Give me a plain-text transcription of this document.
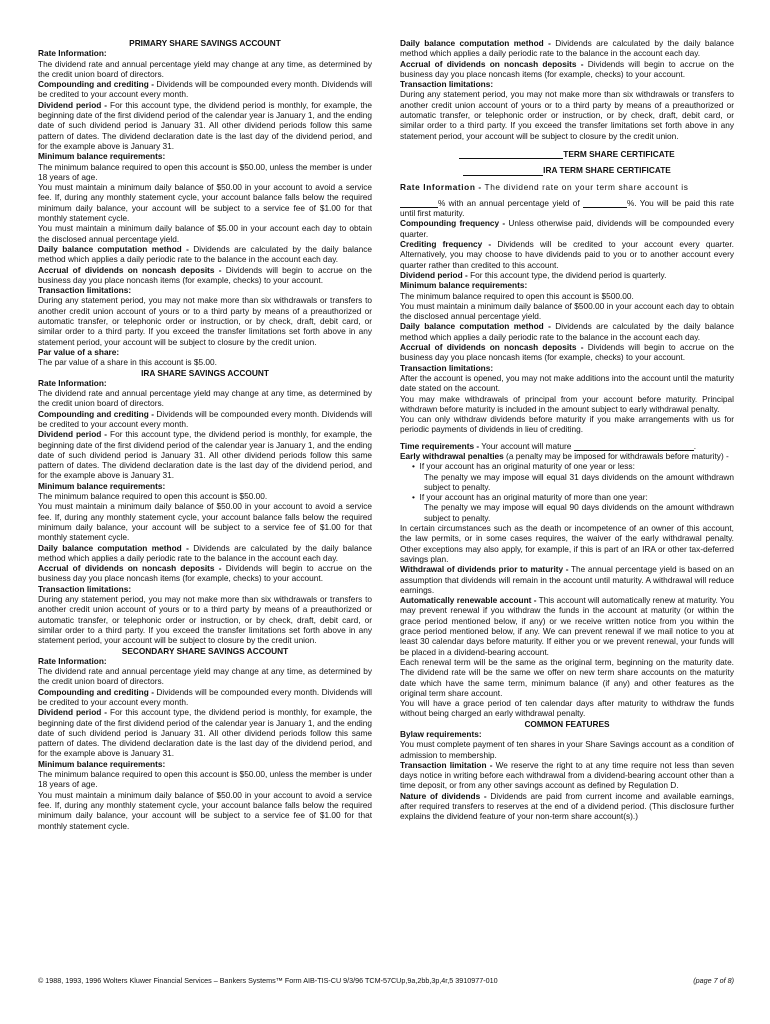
PRIMARY SHARE SAVINGS ACCOUNT

Rate Information:

The dividend rate and annual percentage yield may change at any time, as determined by the credit union board of directors.

Compounding and crediting - Dividends will be compounded every month. Dividends will be credited to your account every month.

Dividend period - For this account type, the dividend period is monthly, for example, the beginning date of the first dividend period of the calendar year is January 1, and the ending date of such dividend period is January 31. All other dividend periods follow this same pattern of dates. The dividend declaration date is the last day of the dividend period, and for the example above is January 31.

Minimum balance requirements:

The minimum balance required to open this account is $50.00, unless the member is under 18 years of age.

You must maintain a minimum daily balance of $50.00 in your account to avoid a service fee. If, during any monthly statement cycle, your account balance falls below the required minimum daily balance, your account will be subject to a service fee of $1.00 for that monthly statement cycle.

You must maintain a minimum daily balance of $5.00 in your account each day to obtain the disclosed annual percentage yield.

Daily balance computation method - Dividends are calculated by the daily balance method which applies a daily periodic rate to the balance in the account each day.

Accrual of dividends on noncash deposits - Dividends will begin to accrue on the business day you place noncash items (for example, checks) to your account.

Transaction limitations:

During any statement period, you may not make more than six withdrawals or transfers to another credit union account of yours or to a third party by means of a preauthorized or automatic transfer, or telephonic order or instruction, or by check, draft, debit card, or similar order to a third party. If you exceed the transfer limitations set forth above in any statement period, your account will be subject to closure by the credit union.

Par value of a share:

The par value of a share in this account is $5.00.

IRA SHARE SAVINGS ACCOUNT

Rate Information:

The dividend rate and annual percentage yield may change at any time, as determined by the credit union board of directors.

Compounding and crediting - Dividends will be compounded every month. Dividends will be credited to your account every month.

Dividend period - For this account type, the dividend period is monthly, for example, the beginning date of the first dividend period of the calendar year is January 1, and the ending date of such dividend period is January 31. All other dividend periods follow this same pattern of dates. The dividend declaration date is the last day of the dividend period, and for the example above is January 31.

Minimum balance requirements:

The minimum balance required to open this account is $50.00.

You must maintain a minimum daily balance of $50.00 in your account to avoid a service fee. If, during any monthly statement cycle, your account balance falls below the required minimum daily balance, your account will be subject to a service fee of $1.00 for that monthly statement cycle.

Daily balance computation method - Dividends are calculated by the daily balance method which applies a daily periodic rate to the balance in the account each day.

Accrual of dividends on noncash deposits - Dividends will begin to accrue on the business day you place noncash items (for example, checks) to your account.

Transaction limitations:

During any statement period, you may not make more than six withdrawals or transfers to another credit union account of yours or to a third party by means of a preauthorized or automatic transfer, or telephonic order or instruction, or by check, draft, debit card, or similar order to a third party. If you exceed the transfer limitations set forth above in any statement period, your account will be subject to closure by the credit union.

SECONDARY SHARE SAVINGS ACCOUNT

Rate Information:

The dividend rate and annual percentage yield may change at any time, as determined by the credit union board of directors.

Compounding and crediting - Dividends will be compounded every month. Dividends will be credited to your account every month.

Dividend period - For this account type, the dividend period is monthly, for example, the beginning date of the first dividend period of the calendar year is January 1, and the ending date of such dividend period is January 31. All other dividend periods follow this same pattern of dates. The dividend declaration date is the last day of the dividend period, and for the example above is January 31.

Minimum balance requirements:

The minimum balance required to open this account is $50.00, unless the member is under 18 years of age.

You must maintain a minimum daily balance of $50.00 in your account to avoid a service fee. If, during any monthly statement cycle, your account balance falls below the required minimum daily balance, your account will be subject to a service fee of $1.00 for that monthly statement cycle.

Daily balance computation method - Dividends are calculated by the daily balance method which applies a daily periodic rate to the balance in the account each day.

Accrual of dividends on noncash deposits - Dividends will begin to accrue on the business day you place noncash items (for example, checks) to your account.

Transaction limitations:

During any statement period, you may not make more than six withdrawals or transfers to another credit union account of yours or to a third party by means of a preauthorized or automatic transfer, or telephonic order or instruction, or by check, draft, debit card, or similar order to a third party. If you exceed the transfer limitations set forth above in any statement period, your account will be subject to closure by the credit union.

TERM SHARE CERTIFICATE

IRA TERM SHARE CERTIFICATE

Rate Information - The dividend rate on your term share account is

% with an annual percentage yield of	%. You will be paid this rate until first maturity.

Compounding frequency - Unless otherwise paid, dividends will be compounded every quarter.

Crediting frequency - Dividends will be credited to your account every quarter. Alternatively, you may choose to have dividends paid to you or to another account every quarter rather than credited to this account.

Dividend period - For this account type, the dividend period is quarterly.

Minimum balance requirements:

The minimum balance required to open this account is $500.00.

You must maintain a minimum daily balance of $500.00 in your account each day to obtain the disclosed annual percentage yield.

Daily balance computation method - Dividends are calculated by the daily balance method which applies a daily periodic rate to the balance in the account each day.

Accrual of dividends on noncash deposits - Dividends will begin to accrue on the business day you place noncash items (for example, checks) to your account.

Transaction limitations:

After the account is opened, you may not make additions into the account until the maturity date stated on the account.

You may make withdrawals of principal from your account before maturity. Principal withdrawn before maturity is included in the amount subject to early withdrawal penalty.

You can only withdraw dividends before maturity if you make arrangements with us for periodic payments of dividends in lieu of crediting.

Time requirements - Your account will mature	.

Early withdrawal penalties (a penalty may be imposed for withdrawals before maturity) -

•  If your account has an original maturity of one year or less:

The penalty we may impose will equal 31 days dividends on the amount withdrawn subject to penalty.

•  If your account has an original maturity of more than one year:

The penalty we may impose will equal 90 days dividends on the amount withdrawn subject to penalty.

In certain circumstances such as the death or incompetence of an owner of this account, the law permits, or in some cases requires, the waiver of the early withdrawal penalty. Other exceptions may also apply, for example, if this is part of an IRA or other tax-deferred savings plan.

Withdrawal of dividends prior to maturity - The annual percentage yield is based on an assumption that dividends will remain in the account until maturity. A withdrawal will reduce earnings.

Automatically renewable account - This account will automatically renew at maturity. You may prevent renewal if you withdraw the funds in the account at maturity (or within the grace period mentioned below, if any) or we receive written notice from you within the grace period mentioned below, if any. We can prevent renewal if we mail notice to you at least 30 calendar days before maturity. If either you or we prevent renewal, your funds will be placed in a dividend-bearing account.

Each renewal term will be the same as the original term, beginning on the maturity date. The dividend rate will be the same we offer on new term share accounts on the maturity date which have the same term, minimum balance (if any) and other features as the original term share account.

You will have a grace period of ten calendar days after maturity to withdraw the funds without being charged an early withdrawal penalty.

COMMON FEATURES

Bylaw requirements:

You must complete payment of ten shares in your Share Savings account as a condition of admission to membership.

Transaction limitation - We reserve the right to at any time require not less than seven days notice in writing before each withdrawal from a dividend-bearing account other than a time deposit, or from any other savings account as defined by Regulation D.

Nature of dividends - Dividends are paid from current income and available earnings, after required transfers to reserves at the end of a dividend period. (This disclosure further explains the dividend feature of your non-term share account(s).)

© 1988, 1993, 1996 Wolters Kluwer Financial Services – Bankers Systems™ Form AIB-TIS-CU 9/3/96 TCM-57CUp,9a,2bb,3p,4r,5 3910977-010	(page 7 of 8)
